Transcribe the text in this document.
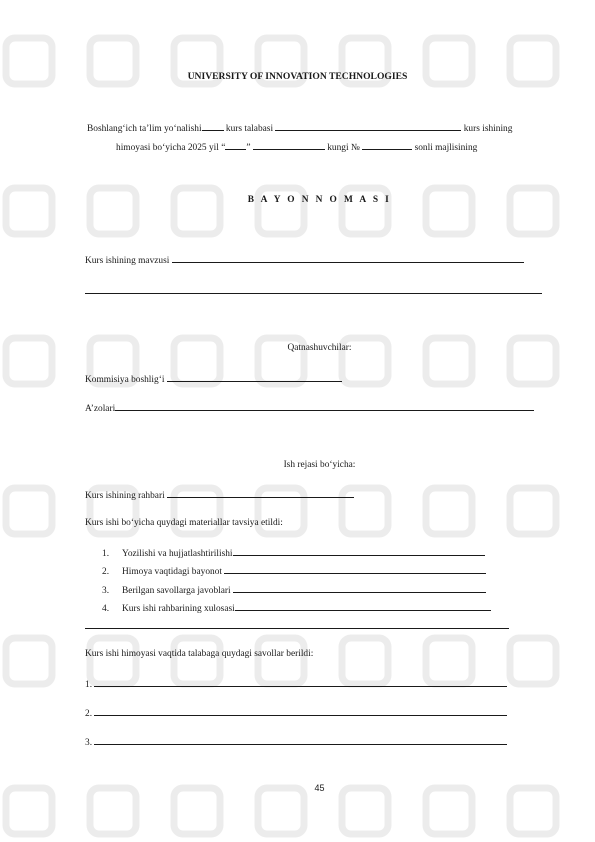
UNIVERSITY OF INNOVATION TECHNOLOGIES
Boshlang‘ich ta’lim yo‘nalishi	kurs talabasi	kurs ishining
himoyasi bo‘yicha 2025 yil “ ”	kungi №	sonli majlisining
B A Y O N N O M A S I
Kurs ishining mavzusi
Qatnashuvchilar:
Kommisiya boshlig‘i
A’zolari
Ish rejasi bo‘yicha:
Kurs ishining rahbari
Kurs ishi bo‘yicha quydagi materiallar tavsiya etildi:
1. Yozilishi va hujjatlashtirilishi
2. Himoya vaqtidagi bayonot
3. Berilgan savollarga javoblari
4. Kurs ishi rahbarining xulosasi
Kurs ishi himoyasi vaqtida talabaga quydagi savollar berildi:
1.
2.
3.
45
